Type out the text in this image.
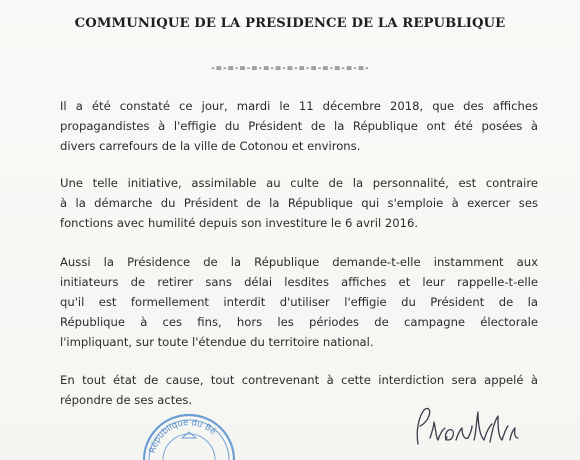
COMMUNIQUE DE LA PRESIDENCE DE LA REPUBLIQUE
-=-=-=-=-=-=-=-=-=-=-=-=-=-
Il a été constaté ce jour, mardi le 11 décembre 2018, que des affiches
propagandistes à l'effigie du Président de la République ont été posées à
divers carrefours de la ville de Cotonou et environs.
Une telle initiative, assimilable au culte de la personnalité, est contraire
à la démarche du Président de la République qui s'emploie à exercer ses
fonctions avec humilité depuis son investiture le 6 avril 2016.
Aussi la Présidence de la République demande-t-elle instamment aux
initiateurs de retirer sans délai lesdites affiches et leur rappelle-t-elle
qu'il est formellement interdit d'utiliser l'effigie du Président de la
République à ces fins, hors les périodes de campagne électorale
l'impliquant, sur toute l'étendue du territoire national.
En tout état de cause, tout contrevenant à cette interdiction sera appelé à
répondre de ses actes.
République du Bé
